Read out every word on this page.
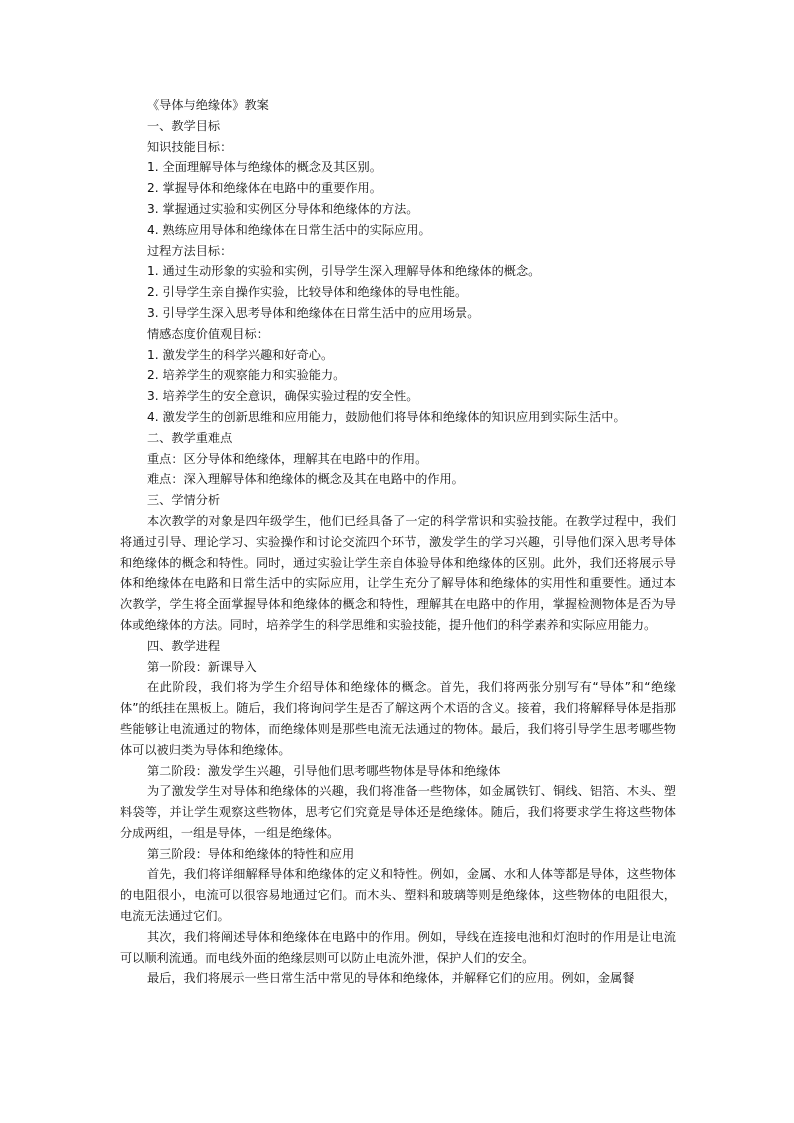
《导体与绝缘体》教案

一、教学目标

知识技能目标：

1. 全面理解导体与绝缘体的概念及其区别。

2. 掌握导体和绝缘体在电路中的重要作用。

3. 掌握通过实验和实例区分导体和绝缘体的方法。

4. 熟练应用导体和绝缘体在日常生活中的实际应用。

过程方法目标：

1. 通过生动形象的实验和实例，引导学生深入理解导体和绝缘体的概念。

2. 引导学生亲自操作实验，比较导体和绝缘体的导电性能。

3. 引导学生深入思考导体和绝缘体在日常生活中的应用场景。

情感态度价值观目标：

1. 激发学生的科学兴趣和好奇心。

2. 培养学生的观察能力和实验能力。

3. 培养学生的安全意识，确保实验过程的安全性。

4. 激发学生的创新思维和应用能力，鼓励他们将导体和绝缘体的知识应用到实际生活中。

二、教学重难点

重点：区分导体和绝缘体，理解其在电路中的作用。

难点：深入理解导体和绝缘体的概念及其在电路中的作用。

三、学情分析

本次教学的对象是四年级学生，他们已经具备了一定的科学常识和实验技能。在教学过程中，我们将通过引导、理论学习、实验操作和讨论交流四个环节，激发学生的学习兴趣，引导他们深入思考导体和绝缘体的概念和特性。同时，通过实验让学生亲自体验导体和绝缘体的区别。此外，我们还将展示导体和绝缘体在电路和日常生活中的实际应用，让学生充分了解导体和绝缘体的实用性和重要性。通过本次教学，学生将全面掌握导体和绝缘体的概念和特性，理解其在电路中的作用，掌握检测物体是否为导体或绝缘体的方法。同时，培养学生的科学思维和实验技能，提升他们的科学素养和实际应用能力。

四、教学进程

第一阶段：新课导入

在此阶段，我们将为学生介绍导体和绝缘体的概念。首先，我们将两张分别写有“导体”和“绝缘体”的纸挂在黑板上。随后，我们将询问学生是否了解这两个术语的含义。接着，我们将解释导体是指那些能够让电流通过的物体，而绝缘体则是那些电流无法通过的物体。最后，我们将引导学生思考哪些物体可以被归类为导体和绝缘体。

第二阶段：激发学生兴趣，引导他们思考哪些物体是导体和绝缘体

为了激发学生对导体和绝缘体的兴趣，我们将准备一些物体，如金属铁钉、铜线、铝箔、木头、塑料袋等，并让学生观察这些物体，思考它们究竟是导体还是绝缘体。随后，我们将要求学生将这些物体分成两组，一组是导体，一组是绝缘体。

第三阶段：导体和绝缘体的特性和应用

首先，我们将详细解释导体和绝缘体的定义和特性。例如，金属、水和人体等都是导体，这些物体的电阻很小，电流可以很容易地通过它们。而木头、塑料和玻璃等则是绝缘体，这些物体的电阻很大，电流无法通过它们。

其次，我们将阐述导体和绝缘体在电路中的作用。例如，导线在连接电池和灯泡时的作用是让电流可以顺利流通。而电线外面的绝缘层则可以防止电流外泄，保护人们的安全。

最后，我们将展示一些日常生活中常见的导体和绝缘体，并解释它们的应用。例如，金属餐
